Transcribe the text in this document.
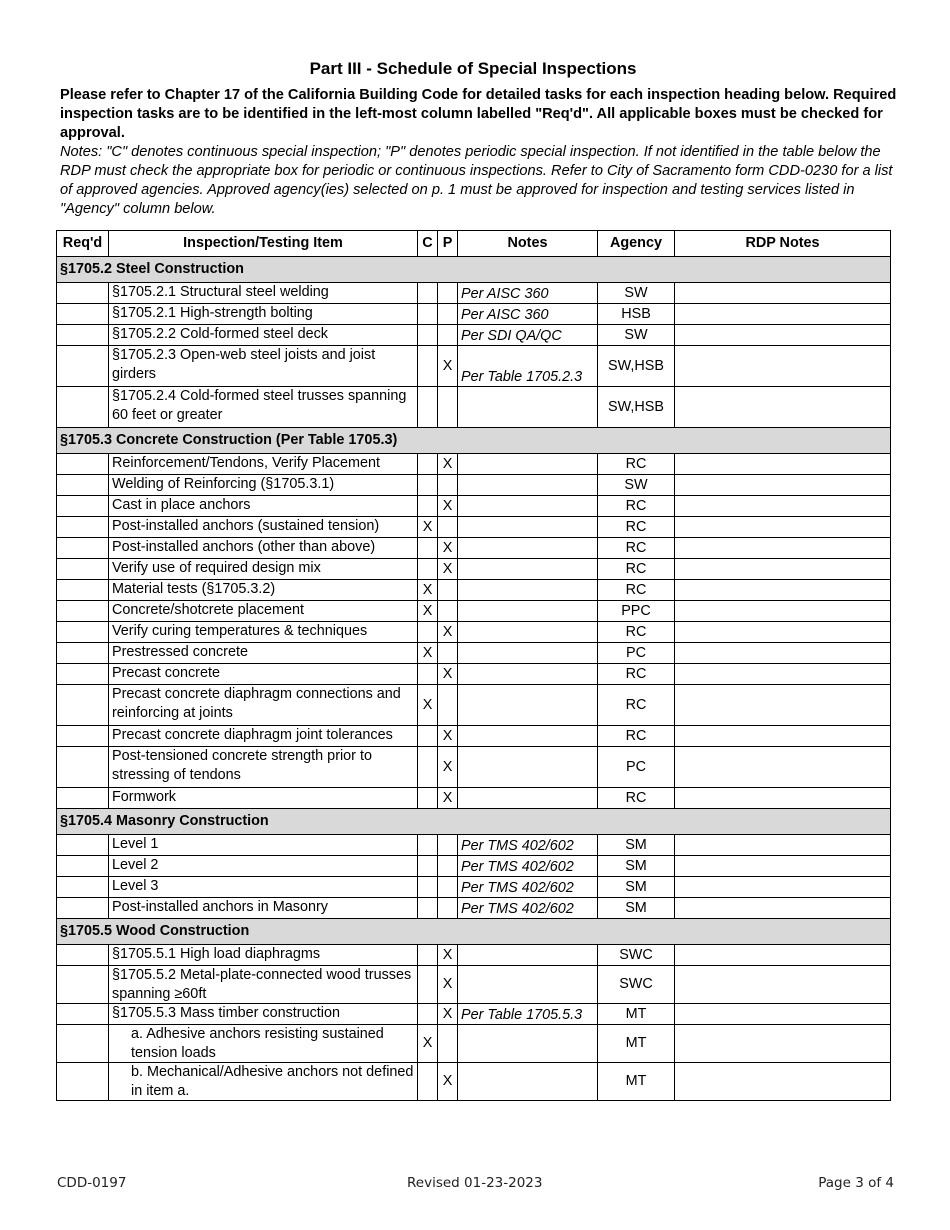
Part III - Schedule of Special Inspections
Please refer to Chapter 17 of the California Building Code for detailed tasks for each inspection heading below. Required inspection tasks are to be identified in the left-most column labelled "Req'd". All applicable boxes must be checked for approval.
Notes: "C" denotes continuous special inspection; "P" denotes periodic special inspection. If not identified in the table below the RDP must check the appropriate box for periodic or continuous inspections. Refer to City of Sacramento form CDD-0230 for a list of approved agencies. Approved agency(ies) selected on p. 1 must be approved for inspection and testing services listed in "Agency" column below.
Req'd	Inspection/Testing Item	C	P	Notes	Agency	RDP Notes
§1705.2 Steel Construction						
	§1705.2.1 Structural steel welding			Per AISC 360	SW	
	§1705.2.1 High-strength bolting			Per AISC 360	HSB	
	§1705.2.2 Cold-formed steel deck			Per SDI QA/QC	SW	
	§1705.2.3 Open-web steel joists and joist girders		X	Per Table 1705.2.3	SW,HSB	
	§1705.2.4 Cold-formed steel trusses spanning 60 feet or greater				SW,HSB	
§1705.3 Concrete Construction (Per Table 1705.3)						
	Reinforcement/Tendons, Verify Placement		X		RC	
	Welding of Reinforcing (§1705.3.1)				SW	
	Cast in place anchors		X		RC	
	Post-installed anchors (sustained tension)	X			RC	
	Post-installed anchors (other than above)		X		RC	
	Verify use of required design mix		X		RC	
	Material tests (§1705.3.2)	X			RC	
	Concrete/shotcrete placement	X			PPC	
	Verify curing temperatures & techniques		X		RC	
	Prestressed concrete	X			PC	
	Precast concrete		X		RC	
	Precast concrete diaphragm connections and reinforcing at joints	X			RC	
	Precast concrete diaphragm joint tolerances		X		RC	
	Post-tensioned concrete strength prior to stressing of tendons		X		PC	
	Formwork		X		RC	
§1705.4 Masonry Construction						
	Level 1			Per TMS 402/602	SM	
	Level 2			Per TMS 402/602	SM	
	Level 3			Per TMS 402/602	SM	
	Post-installed anchors in Masonry			Per TMS 402/602	SM	
§1705.5 Wood Construction						
	§1705.5.1 High load diaphragms		X		SWC	
	§1705.5.2 Metal-plate-connected wood trusses spanning ≥60ft		X		SWC	
	§1705.5.3 Mass timber construction		X	Per Table 1705.5.3	MT	
	a. Adhesive anchors resisting sustained tension loads	X			MT	
	b. Mechanical/Adhesive anchors not defined in item a.		X		MT	
CDD-0197	Revised 01-23-2023	Page 3 of 4
